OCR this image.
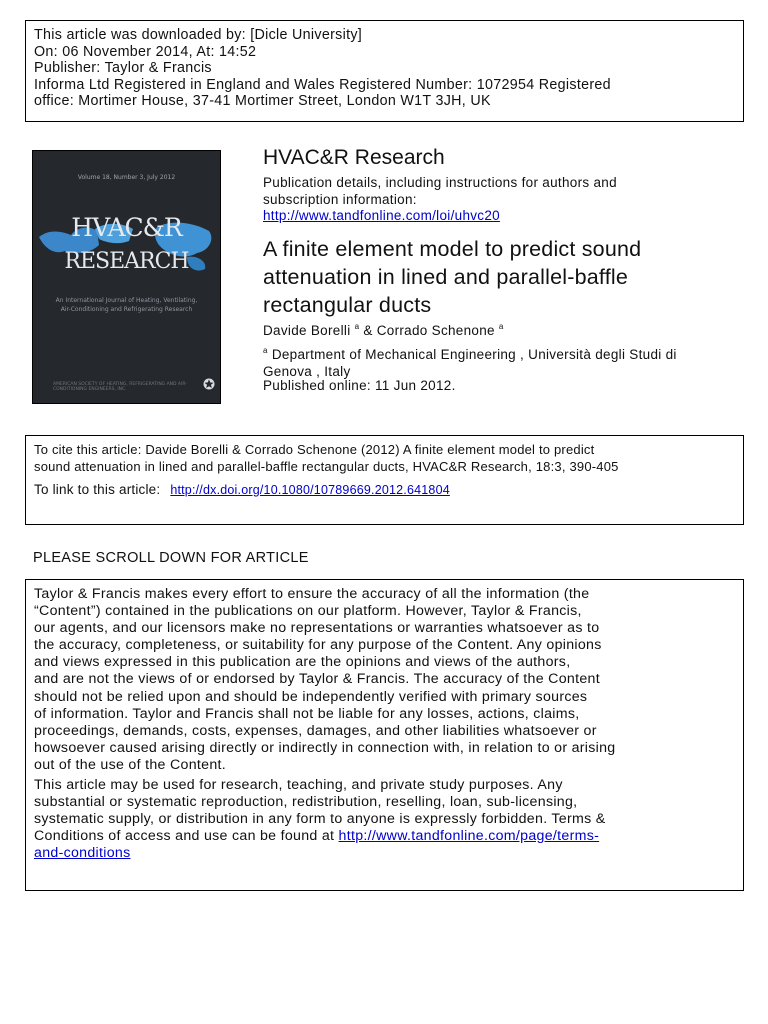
This article was downloaded by: [Dicle University]
On: 06 November 2014, At: 14:52
Publisher: Taylor & Francis
Informa Ltd Registered in England and Wales Registered Number: 1072954 Registered
office: Mortimer House, 37-41 Mortimer Street, London W1T 3JH, UK
Volume 18, Number 3, July 2012
HVAC&R
RESEARCH
An International Journal of Heating, Ventilating,
Air-Conditioning and Refrigerating Research
AMERICAN SOCIETY OF HEATING, REFRIGERATING AND AIR-CONDITIONING ENGINEERS, INC.
HVAC&R Research
Publication details, including instructions for authors and
subscription information:
http://www.tandfonline.com/loi/uhvc20
A finite element model to predict sound
attenuation in lined and parallel-baffle
rectangular ducts
Davide Borelli $^a$ & Corrado Schenone $^a$
$^a$ Department of Mechanical Engineering , Università degli Studi di
Genova , Italy
Published online: 11 Jun 2012.
To cite this article: Davide Borelli & Corrado Schenone (2012) A finite element model to predict
sound attenuation in lined and parallel-baffle rectangular ducts, HVAC&R Research, 18:3, 390-405
To link to this article: http://dx.doi.org/10.1080/10789669.2012.641804
PLEASE SCROLL DOWN FOR ARTICLE

Taylor & Francis makes every effort to ensure the accuracy of all the information (the

“Content”) contained in the publications on our platform. However, Taylor & Francis,

our agents, and our licensors make no representations or warranties whatsoever as to

the accuracy, completeness, or suitability for any purpose of the Content. Any opinions

and views expressed in this publication are the opinions and views of the authors,

and are not the views of or endorsed by Taylor & Francis. The accuracy of the Content

should not be relied upon and should be independently verified with primary sources

of information. Taylor and Francis shall not be liable for any losses, actions, claims,

proceedings, demands, costs, expenses, damages, and other liabilities whatsoever or

howsoever caused arising directly or indirectly in connection with, in relation to or arising

out of the use of the Content.

This article may be used for research, teaching, and private study purposes. Any

substantial or systematic reproduction, redistribution, reselling, loan, sub-licensing,

systematic supply, or distribution in any form to anyone is expressly forbidden. Terms &

Conditions of access and use can be found at http://www.tandfonline.com/page/terms-

and-conditions
